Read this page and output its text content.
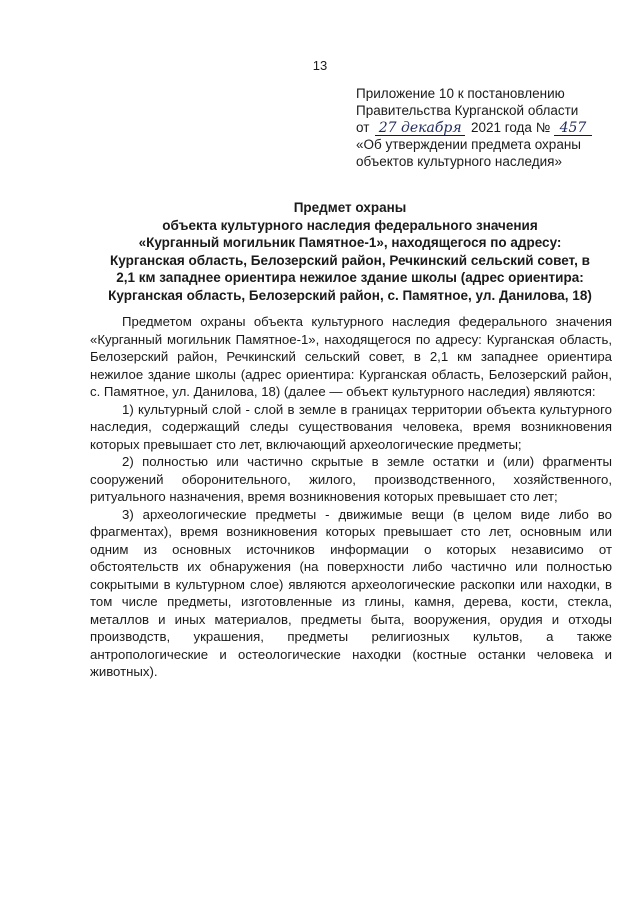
13
Приложение 10 к постановлению
Правительства Курганской области
от 27 декабря 2021 года № 457
«Об утверждении предмета охраны
объектов культурного наследия»
Предмет охраны
объекта культурного наследия федерального значения
«Курганный могильник Памятное-1», находящегося по адресу:
Курганская область, Белозерский район, Речкинский сельский совет, в
2,1 км западнее ориентира нежилое здание школы (адрес ориентира:
Курганская область, Белозерский район, с. Памятное, ул. Данилова, 18)

Предметом охраны объекта культурного наследия федерального значения «Курганный могильник Памятное-1», находящегося по адресу: Курганская область, Белозерский район, Речкинский сельский совет, в 2,1 км западнее ориентира нежилое здание школы (адрес ориентира: Курганская область, Белозерский район, с. Памятное, ул. Данилова, 18) (далее — объект культурного наследия) являются:

1) культурный слой - слой в земле в границах территории объекта культурного наследия, содержащий следы существования человека, время возникновения которых превышает сто лет, включающий археологические предметы;

2) полностью или частично скрытые в земле остатки и (или) фрагменты сооружений оборонительного, жилого, производственного, хозяйственного, ритуального назначения, время возникновения которых превышает сто лет;

3) археологические предметы - движимые вещи (в целом виде либо во фрагментах), время возникновения которых превышает сто лет, основным или одним из основных источников информации о которых независимо от обстоятельств их обнаружения (на поверхности либо частично или полностью сокрытыми в культурном слое) являются археологические раскопки или находки, в том числе предметы, изготовленные из глины, камня, дерева, кости, стекла, металлов и иных материалов, предметы быта, вооружения, орудия и отходы производств, украшения, предметы религиозных культов, а также антропологические и остеологические находки (костные останки человека и животных).
